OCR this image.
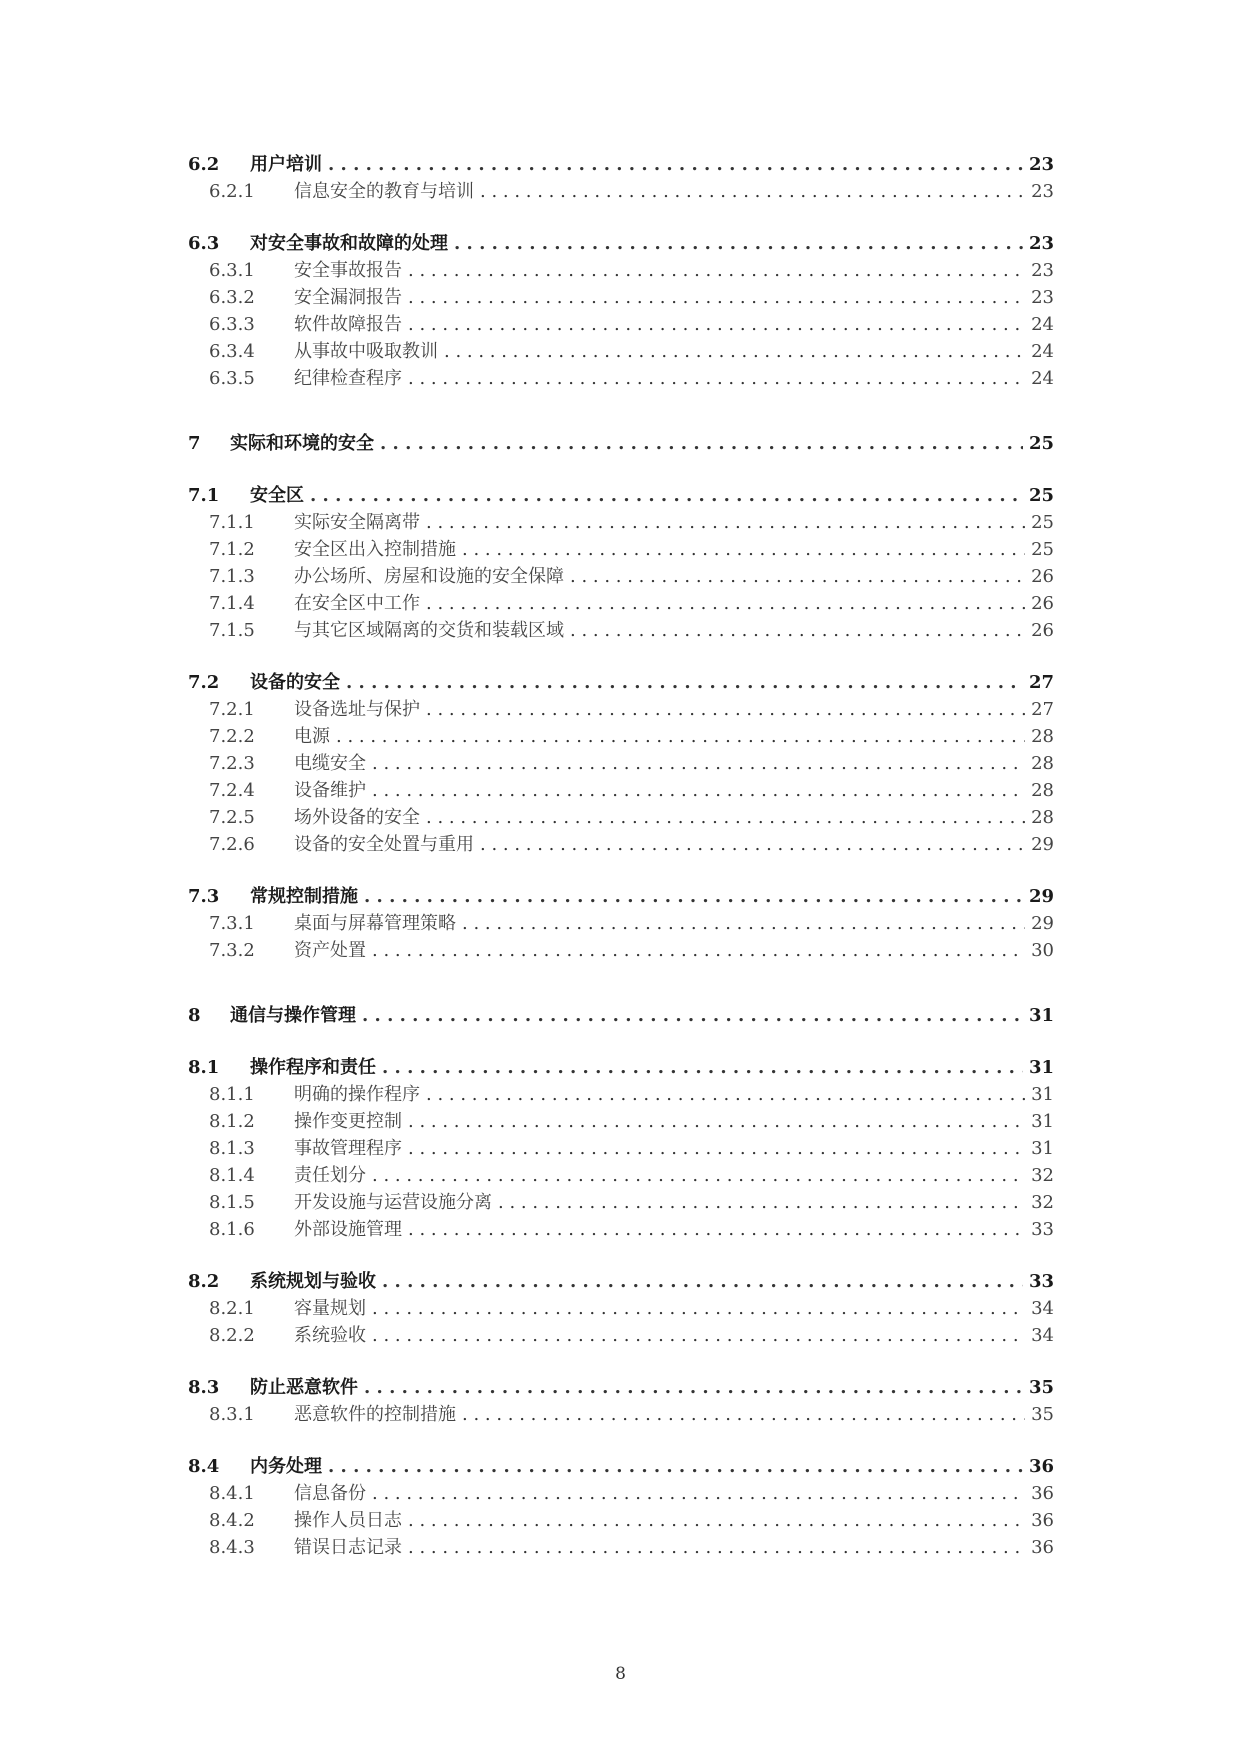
6.2	用户培训 . . .	23
6.2.1	信息安全的教育与培训 . . .	23
6.3	对安全事故和故障的处理 . . .	23
6.3.1	安全事故报告 . . .	23
6.3.2	安全漏洞报告 . . .	23
6.3.3	软件故障报告 . . .	24
6.3.4	从事故中吸取教训 . . .	24
6.3.5	纪律检查程序 . . .	24
7	实际和环境的安全 . . .	25
7.1	安全区 . . .	25
7.1.1	实际安全隔离带 . . .	25
7.1.2	安全区出入控制措施 . . .	25
7.1.3	办公场所、房屋和设施的安全保障 . . .	26
7.1.4	在安全区中工作 . . .	26
7.1.5	与其它区域隔离的交货和装载区域 . . .	26
7.2	设备的安全 . . .	27
7.2.1	设备选址与保护 . . .	27
7.2.2	电源 . . .	28
7.2.3	电缆安全 . . .	28
7.2.4	设备维护 . . .	28
7.2.5	场外设备的安全 . . .	28
7.2.6	设备的安全处置与重用 . . .	29
7.3	常规控制措施 . . .	29
7.3.1	桌面与屏幕管理策略 . . .	29
7.3.2	资产处置 . . .	30
8	通信与操作管理 . . .	31
8.1	操作程序和责任 . . .	31
8.1.1	明确的操作程序 . . .	31
8.1.2	操作变更控制 . . .	31
8.1.3	事故管理程序 . . .	31
8.1.4	责任划分 . . .	32
8.1.5	开发设施与运营设施分离 . . .	32
8.1.6	外部设施管理 . . .	33
8.2	系统规划与验收 . . .	33
8.2.1	容量规划 . . .	34
8.2.2	系统验收 . . .	34
8.3	防止恶意软件 . . .	35
8.3.1	恶意软件的控制措施 . . .	35
8.4	内务处理 . . .	36
8.4.1	信息备份 . . .	36
8.4.2	操作人员日志 . . .	36
8.4.3	错误日志记录 . . .	36
8
